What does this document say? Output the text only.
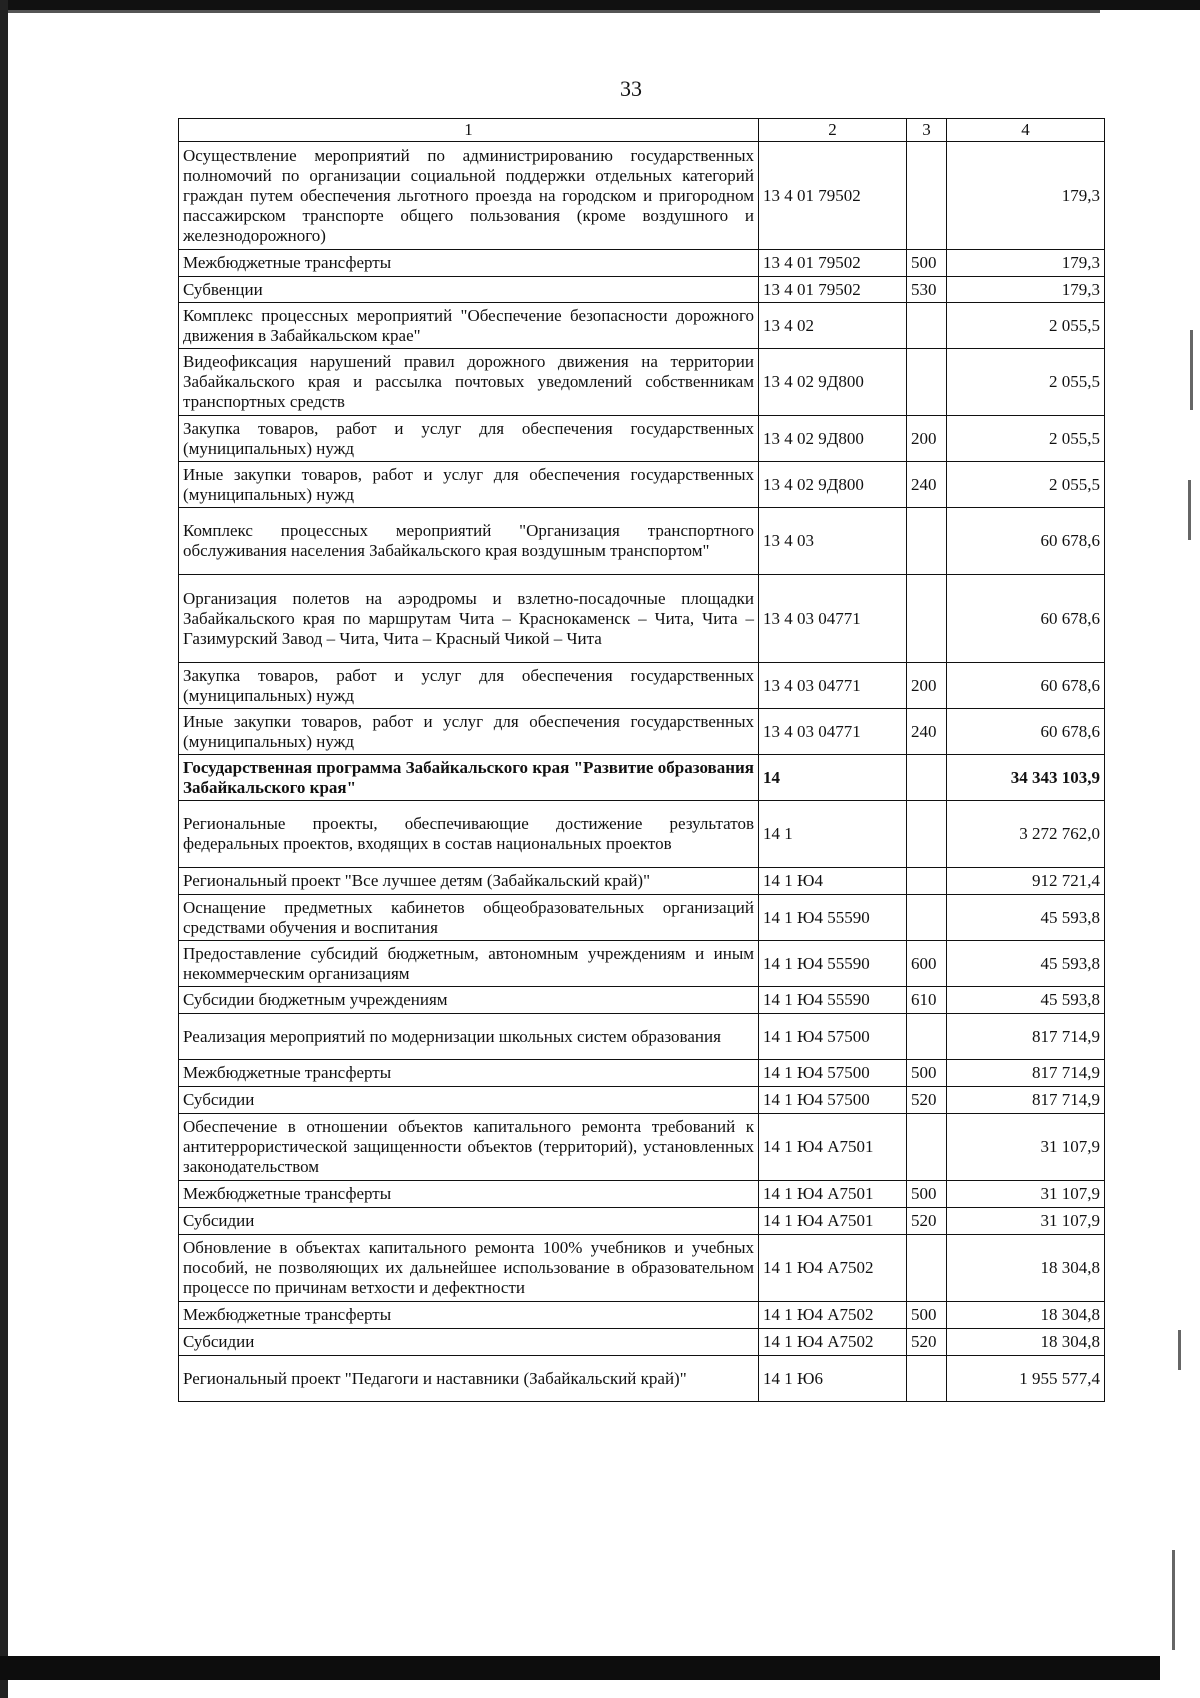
33
1	2	3	4
Осуществление мероприятий по администрированию государственных полномочий по организации социальной поддержки отдельных категорий граждан путем обеспечения льготного проезда на городском и пригородном пассажирском транспорте общего пользования (кроме воздушного и железнодорожного)	13 4 01 79502		179,3
Межбюджетные трансферты	13 4 01 79502	500	179,3
Субвенции	13 4 01 79502	530	179,3
Комплекс процессных мероприятий "Обеспечение безопасности дорожного движения в Забайкальском крае"	13 4 02		2 055,5
Видеофиксация нарушений правил дорожного движения на территории Забайкальского края и рассылка почтовых уведомлений собственникам транспортных средств	13 4 02 9Д800		2 055,5
Закупка товаров, работ и услуг для обеспечения государственных (муниципальных) нужд	13 4 02 9Д800	200	2 055,5
Иные закупки товаров, работ и услуг для обеспечения государственных (муниципальных) нужд	13 4 02 9Д800	240	2 055,5
Комплекс процессных мероприятий "Организация транспортного обслуживания населения Забайкальского края воздушным транспортом"	13 4 03		60 678,6
Организация полетов на аэродромы и взлетно-посадочные площадки Забайкальского края по маршрутам Чита – Краснокаменск – Чита, Чита – Газимурский Завод – Чита, Чита – Красный Чикой – Чита	13 4 03 04771		60 678,6
Закупка товаров, работ и услуг для обеспечения государственных (муниципальных) нужд	13 4 03 04771	200	60 678,6
Иные закупки товаров, работ и услуг для обеспечения государственных (муниципальных) нужд	13 4 03 04771	240	60 678,6
Государственная программа Забайкальского края "Развитие образования Забайкальского края"	14		34 343 103,9
Региональные проекты, обеспечивающие достижение результатов федеральных проектов, входящих в состав национальных проектов	14 1		3 272 762,0
Региональный проект "Все лучшее детям (Забайкальский край)"	14 1 Ю4		912 721,4
Оснащение предметных кабинетов общеобразовательных организаций средствами обучения и воспитания	14 1 Ю4 55590		45 593,8
Предоставление субсидий бюджетным, автономным учреждениям и иным некоммерческим организациям	14 1 Ю4 55590	600	45 593,8
Субсидии бюджетным учреждениям	14 1 Ю4 55590	610	45 593,8
Реализация мероприятий по модернизации школьных систем образования	14 1 Ю4 57500		817 714,9
Межбюджетные трансферты	14 1 Ю4 57500	500	817 714,9
Субсидии	14 1 Ю4 57500	520	817 714,9
Обеспечение в отношении объектов капитального ремонта требований к антитеррористической защищенности объектов (территорий), установленных законодательством	14 1 Ю4 А7501		31 107,9
Межбюджетные трансферты	14 1 Ю4 А7501	500	31 107,9
Субсидии	14 1 Ю4 А7501	520	31 107,9
Обновление в объектах капитального ремонта 100% учебников и учебных пособий, не позволяющих их дальнейшее использование в образовательном процессе по причинам ветхости и дефектности	14 1 Ю4 А7502		18 304,8
Межбюджетные трансферты	14 1 Ю4 А7502	500	18 304,8
Субсидии	14 1 Ю4 А7502	520	18 304,8
Региональный проект "Педагоги и наставники (Забайкальский край)"	14 1 Ю6		1 955 577,4
